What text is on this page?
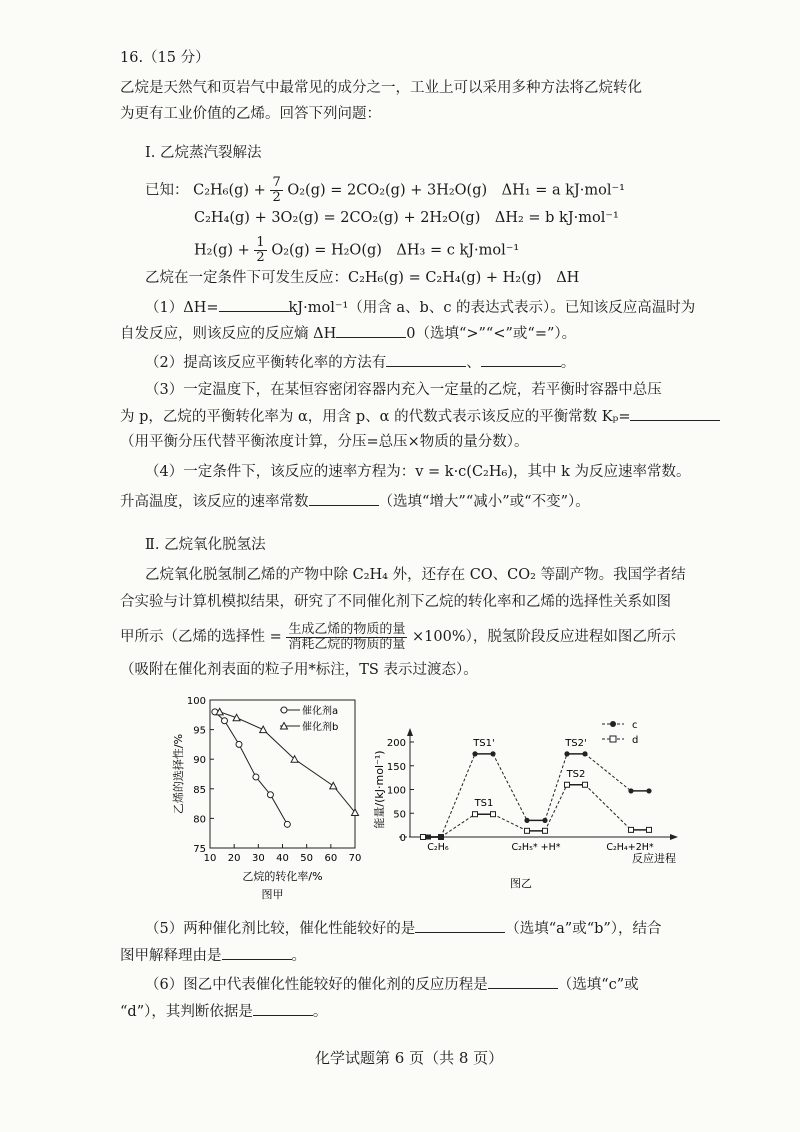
16.（15 分）
乙烷是天然气和页岩气中最常见的成分之一，工业上可以采用多种方法将乙烷转化
为更有工业价值的乙烯。回答下列问题：
Ⅰ. 乙烷蒸汽裂解法
已知： $C_2H_6(g) + \frac{7}{2} O_2(g) = 2CO_2(g) + 3H_2O(g)$　ΔH₁ = a kJ·mol⁻¹
C₂H₄(g) + 3O₂(g) = 2CO₂(g) + 2H₂O(g)　ΔH₂ = b kJ·mol⁻¹
$H_2(g) + \frac{1}{2} O_2(g) = H_2O(g)$　ΔH₃ = c kJ·mol⁻¹
乙烷在一定条件下可发生反应：C₂H₆(g) = C₂H₄(g) + H₂(g)　ΔH
（1）ΔH=	kJ·mol⁻¹（用含 a、b、c 的表达式表示）。已知该反应高温时为
自发反应，则该反应的反应熵 ΔH	0（选填“>”“<”或“=”）。
（2）提高该反应平衡转化率的方法有	、	。
（3）一定温度下，在某恒容密闭容器内充入一定量的乙烷，若平衡时容器中总压
为 p，乙烷的平衡转化率为 α，用含 p、α 的代数式表示该反应的平衡常数 Kₚ=
（用平衡分压代替平衡浓度计算，分压=总压×物质的量分数）。
（4）一定条件下，该反应的速率方程为：v = k·c(C₂H₆)，其中 k 为反应速率常数。
升高温度，该反应的速率常数	（选填“增大”“减小”或“不变”）。
Ⅱ. 乙烷氧化脱氢法
乙烷氧化脱氢制乙烯的产物中除 C₂H₄ 外，还存在 CO、CO₂ 等副产物。我国学者结
合实验与计算机模拟结果，研究了不同催化剂下乙烷的转化率和乙烯的选择性关系如图
甲所示（乙烯的选择性 = $\frac{\text{生成乙烯的物质的量}}{\text{消耗乙烷的物质的量}} \times 100\%$），脱氢阶段反应进程如图乙所示
（吸附在催化剂表面的粒子用*标注，TS 表示过渡态）。
75
80
85
90
95
100
10 20 30 40 50 60 70
乙烷的转化率/%
乙烯的选择性/%
图甲
催化剂a
催化剂b
0
50
100
150
200
能量/(kJ·mol⁻¹)
反应进程
图乙
TS1'
TS1
TS2'
TS2
C₂H₆	C₂H₅* +H*	C₂H₄+2H*
c
d
（5）两种催化剂比较，催化性能较好的是	（选填“a”或“b”），结合
图甲解释理由是	。
（6）图乙中代表催化性能较好的催化剂的反应历程是	（选填“c”或
“d”），其判断依据是	。
化学试题第 6 页（共 8 页）
